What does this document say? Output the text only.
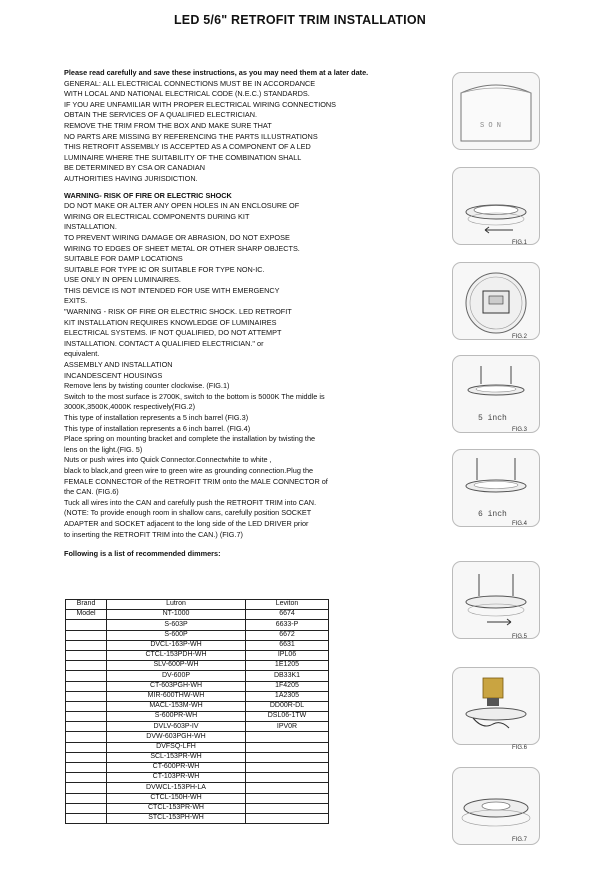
LED 5/6" RETROFIT TRIM INSTALLATION

Please read carefully and save these instructions, as you may need them at a later date.

GENERAL: ALL ELECTRICAL CONNECTIONS MUST BE IN ACCORDANCE

WITH LOCAL AND NATIONAL ELECTRICAL CODE (N.E.C.) STANDARDS.

IF YOU ARE UNFAMILIAR WITH PROPER ELECTRICAL WIRING CONNECTIONS

OBTAIN THE SERVICES OF A QUALIFIED ELECTRICIAN.

REMOVE THE TRIM FROM THE BOX AND MAKE SURE THAT

NO PARTS ARE MISSING BY REFERENCING THE PARTS ILLUSTRATIONS

THIS RETROFIT ASSEMBLY IS ACCEPTED AS A COMPONENT OF A LED

LUMINAIRE WHERE THE SUITABILITY OF THE COMBINATION SHALL

BE DETERMINED BY CSA OR CANADIAN

AUTHORITIES HAVING JURISDICTION.

WARNING- RISK OF FIRE OR ELECTRIC SHOCK

DO NOT MAKE OR ALTER ANY OPEN HOLES IN AN ENCLOSURE OF

WIRING OR ELECTRICAL COMPONENTS DURING KIT

INSTALLATION.

TO PREVENT WIRING DAMAGE OR ABRASION, DO NOT EXPOSE

WIRING TO EDGES OF SHEET METAL OR OTHER SHARP OBJECTS.

SUITABLE FOR DAMP LOCATIONS

SUITABLE FOR TYPE IC OR SUITABLE FOR TYPE NON-IC.

USE ONLY IN OPEN LUMINAIRES.

THIS DEVICE IS NOT INTENDED FOR USE WITH EMERGENCY

EXITS.

"WARNING - RISK OF FIRE OR ELECTRIC SHOCK. LED RETROFIT

KIT INSTALLATION REQUIRES KNOWLEDGE OF LUMINAIRES

ELECTRICAL SYSTEMS. IF NOT QUALIFIED, DO NOT ATTEMPT

INSTALLATION. CONTACT A QUALIFIED ELECTRICIAN." or

equivalent.

ASSEMBLY AND INSTALLATION

INCANDESCENT HOUSINGS

Remove lens by twisting counter clockwise. (FIG.1)

Switch to the most surface is 2700K, switch to the bottom is 5000K The middle is

3000K,3500K,4000K respectively(FIG.2)

This type of installation represents a 5 inch barrel (FIG.3)

This type of installation represents a 6 inch barrel. (FIG.4)

Place spring on mounting bracket and complete the installation by twisting the

lens on the light.(FIG. 5)

Nuts or push wires into Quick Connector.Connectwhite to white ,

black to black,and green wire to green wire as grounding connection.Plug the

FEMALE CONNECTOR of the RETROFIT TRIM onto the MALE CONNECTOR of

the CAN. (FIG.6)

Tuck all wires into the CAN and carefully push the RETROFIT TRIM into CAN.

(NOTE: To provide enough room in shallow cans, carefully position SOCKET

ADAPTER and SOCKET adjacent to the long side of the LED DRIVER prior

to inserting the RETROFIT TRIM into the CAN.) (FIG.7)

Following is a list of recommended dimmers:

Brand	Lutron	Leviton
Model	NT-1000	6674
	S-603P	6633-P
	S-600P	6672
	DVCL-163P-WH	6631
	CTCL-153PDH-WH	IPL06
	SLV-600P-WH	1E1205
	DV-600P	DB33K1
	CT-603PGH-WH	1F4205
	MIR-600THW-WH	1A2305
	MACL-153M-WH	DD00R-DL
	S-600PR-WH	DSL06-1TW
	DVLV-603P-IV	IPV0R
	DVW-603PGH-WH	
	DVFSQ-LFH	
	SCL-153PR-WH	
	CT-600PR-WH	
	CT-103PR-WH	
	DVWCL-153PH-LA	
	CTCL-150H-WH	
	CTCL-153PR-WH	
	STCL-153PH-WH	
S O N
FIG.1
FIG.2
5 inch
FIG.3
6 inch
FIG.4
FIG.5
FIG.6
FIG.7
